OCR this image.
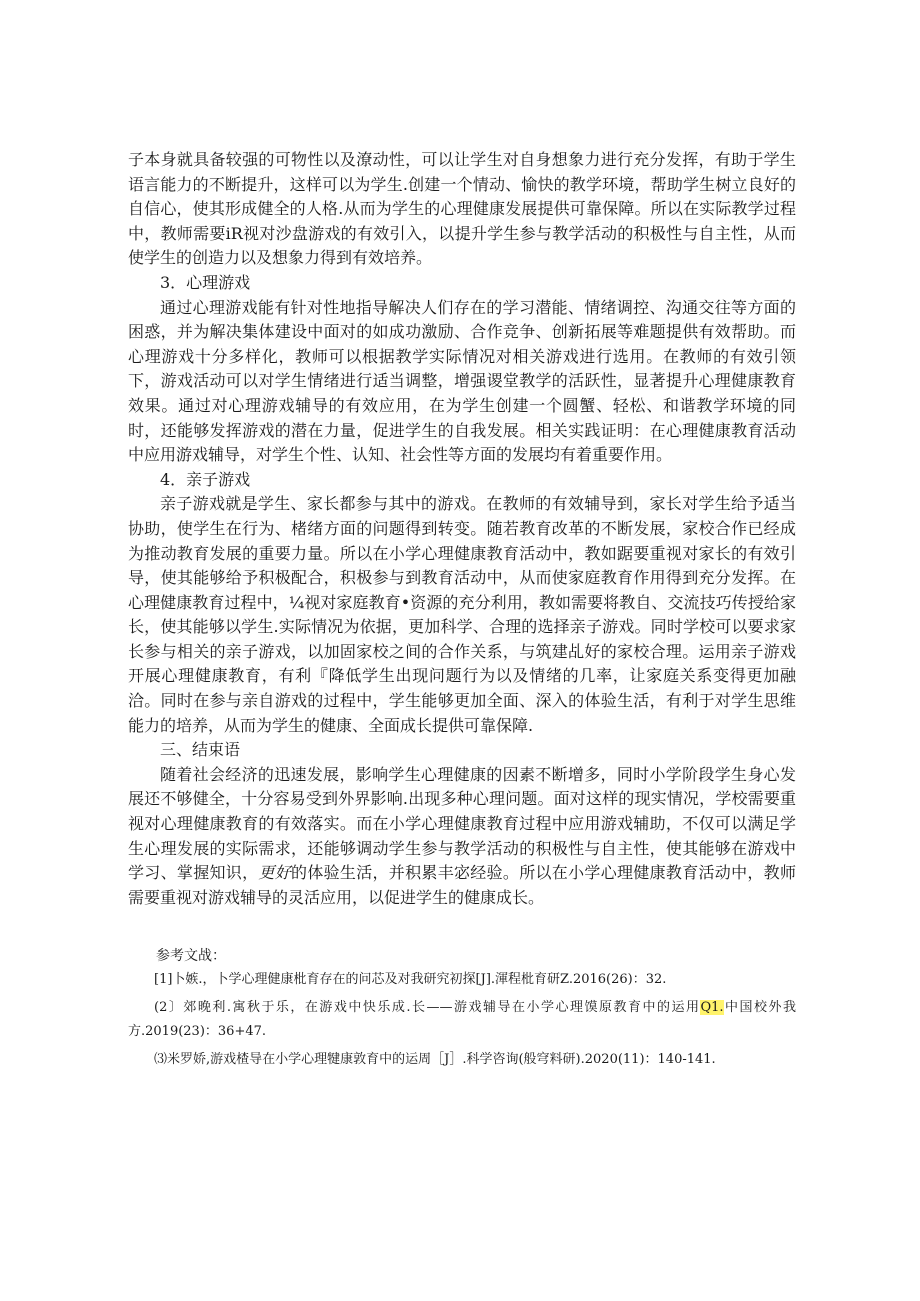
子本身就具备较强的可物性以及潦动性，可以让学生对自身想象力进行充分发挥，有助于学生语言能力的不断提升，这样可以为学生.创建一个情动、愉快的教学环境，帮助学生树立良好的自信心，使其形成健全的人格.从而为学生的心理健康发展提供可靠保障。所以在实际教学过程中，教师需要iR视对沙盘游戏的有效引入，以提升学生参与教学活动的积极性与自主性，从而使学生的创造力以及想象力得到有效培养。

3．心理游戏

通过心理游戏能有针对性地指导解决人们存在的学习潜能、情绪调控、沟通交往等方面的困惑，并为解决集体建设中面对的如成功激励、合作竞争、创新拓展等难题提供有效帮助。而心理游戏十分多样化，教师可以根据教学实际情况对相关游戏进行选用。在教师的有效引领下，游戏活动可以对学生情绪进行适当调整，增强谡堂教学的活跃性，显著提升心理健康教育效果。通过对心理游戏辅导的有效应用，在为学生创建一个圆蟹、轻松、和谐教学环境的同时，还能够发挥游戏的潜在力量，促进学生的自我发展。相关实践证明：在心理健康教育活动中应用游戏辅导，对学生个性、认知、社会性等方面的发展均有着重要作用。

4．亲子游戏

亲子游戏就是学生、家长都参与其中的游戏。在教师的有效辅导到，家长对学生给予适当协助，使学生在行为、楮绪方面的问题得到转变。随若教育改革的不断发展，家校合作已经成为推动教育发展的重要力量。所以在小学心理健康教育活动中，教如踞要重视对家长的有效引导，使其能够给予积极配合，积极参与到教育活动中，从而使家庭教育作用得到充分发挥。在心理健康教育过程中，¼视对家庭教育•资源的充分利用，教如需要将教自、交流技巧传授给家长，使其能够以学生.实际情况为依据，更加科学、合理的选择亲子游戏。同时学校可以要求家长参与相关的亲子游戏，以加固家校之间的合作关系，与筑建乩好的家校合理。运用亲子游戏开展心理健康教育，有利『降低学生出现问题行为以及情绪的几率，让家庭关系变得更加融洽。同时在参与亲自游戏的过程中，学生能够更加全面、深入的体验生活，有利于对学生思维能力的培养，从而为学生的健康、全面成长提供可靠保障.

三、结束语

随着社会经济的迅速发展，影响学生心理健康的因素不断增多，同时小学阶段学生身心发展还不够健全，十分容易受到外界影响.出现多种心理问题。面对这样的现实情况，学校需要重视对心理健康教育的有效落实。而在小学心理健康教育过程中应用游戏辅助，不仅可以满足学生心理发展的实际需求，还能够调动学生参与教学活动的积极性与自主性，使其能够在游戏中学习、掌握知识，更好的体验生活，并积累丰宓经验。所以在小学心理健康教育活动中，教师需要重视对游戏辅导的灵活应用，以促进学生的健康成长。

参考文战：

[1]卜嫉.，卜学心理健康枇育存在的问芯及对我研究初探[J].渾程枇育研Z.2016(26)：32.

(2〕郊晚利.寓秋于乐，在游戏中快乐成.长——游戏辅导在小学心理馍原教育中的运用Q1.中国校外我方.2019(23)：36+47.

⑶米罗娇,游戏楂导在小学心理犍康敦育中的运周［J］.科学咨询(般穹料研).2020(11)：140-141.
